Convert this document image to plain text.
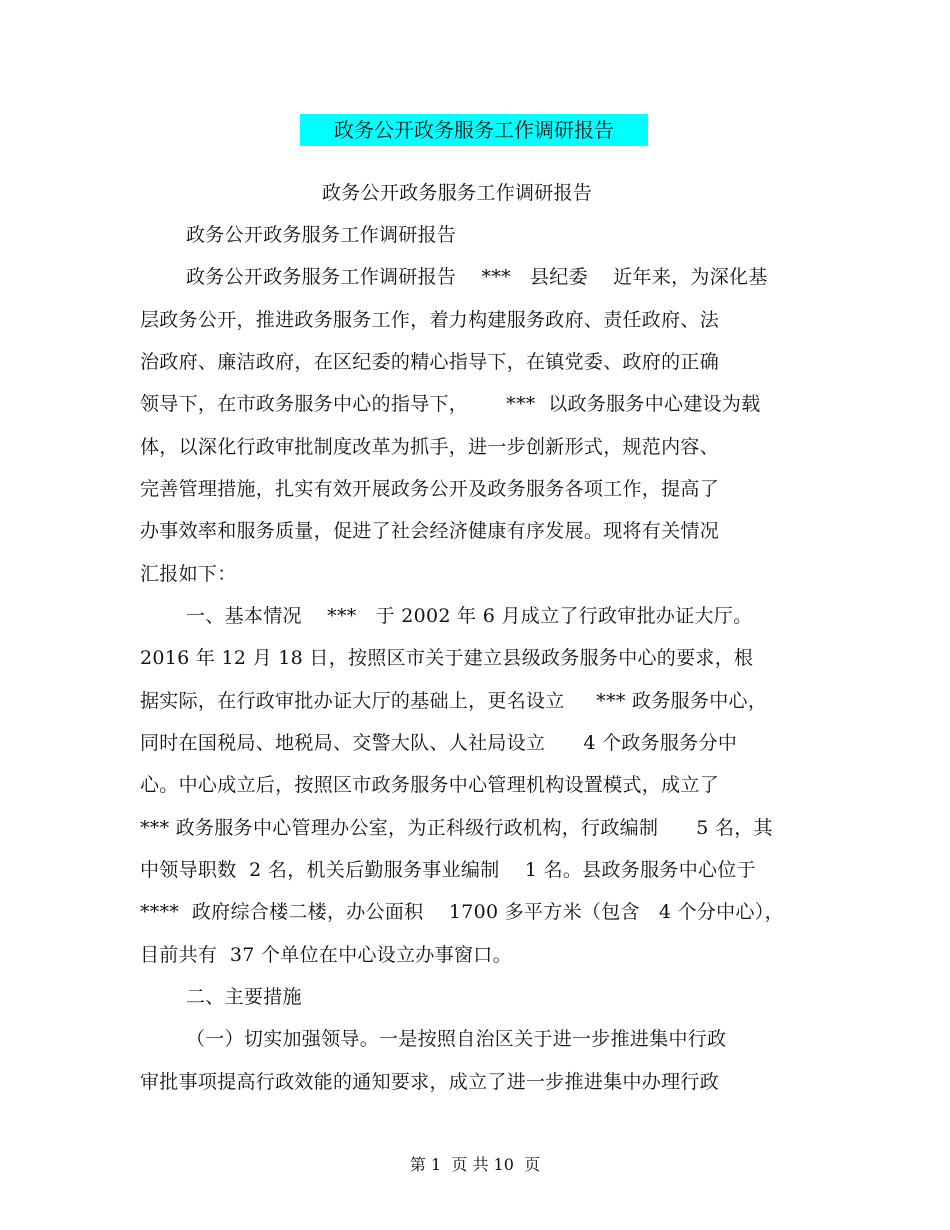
政务公开政务服务工作调研报告
政务公开政务服务工作调研报告
政务公开政务服务工作调研报告
政务公开政务服务工作调研报告    ***   县纪委    近年来，为深化基
层政务公开，推进政务服务工作，着力构建服务政府、责任政府、法
治政府、廉洁政府，在区纪委的精心指导下，在镇党委、政府的正确
领导下，在市政务服务中心的指导下，      ***  以政务服务中心建设为载
体，以深化行政审批制度改革为抓手，进一步创新形式，规范内容、
完善管理措施，扎实有效开展政务公开及政务服务各项工作，提高了
办事效率和服务质量，促进了社会经济健康有序发展。现将有关情况
汇报如下：
一、基本情况    ***   于 2002 年 6 月成立了行政审批办证大厅。
2016 年 12 月 18 日，按照区市关于建立县级政务服务中心的要求，根
据实际，在行政审批办证大厅的基础上，更名设立     *** 政务服务中心，
同时在国税局、地税局、交警大队、人社局设立      4 个政务服务分中
心。中心成立后，按照区市政务服务中心管理机构设置模式，成立了
*** 政务服务中心管理办公室，为正科级行政机构，行政编制      5 名，其
中领导职数  2 名，机关后勤服务事业编制    1 名。县政务服务中心位于
****  政府综合楼二楼，办公面积    1700 多平方米（包含   4 个分中心），
目前共有  37 个单位在中心设立办事窗口。
二、主要措施
（一）切实加强领导。一是按照自治区关于进一步推进集中行政
审批事项提高行政效能的通知要求，成立了进一步推进集中办理行政
第 1  页 共 10  页
